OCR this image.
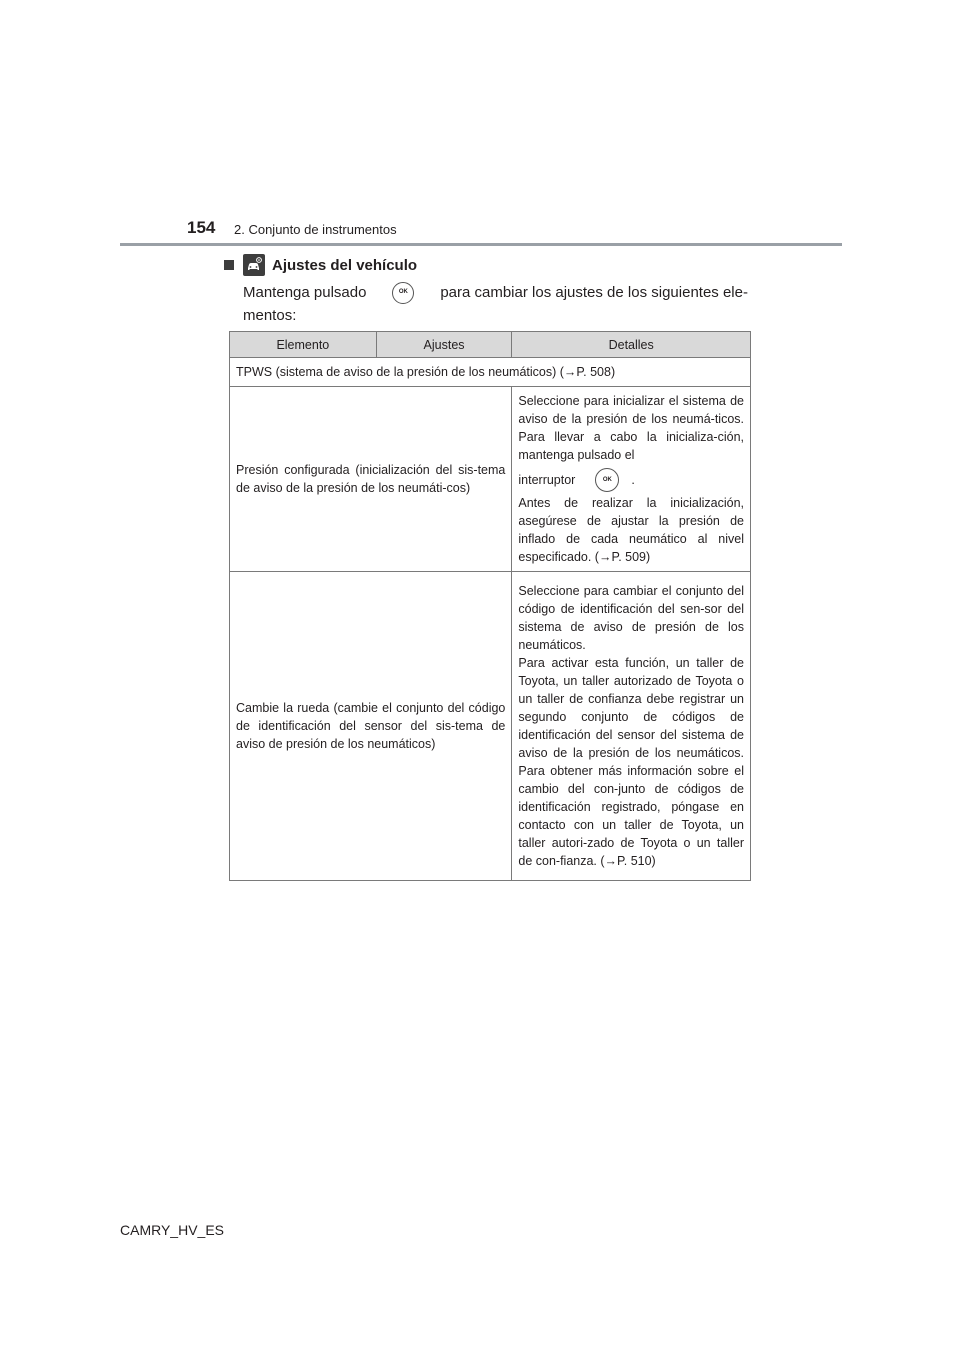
154 2. Conjunto de instrumentos
Ajustes del vehículo
Mantenga pulsado	OK	para cambiar los ajustes de los siguientes ele-
mentos:
Elemento	Ajustes	Detalles
TPWS (sistema de aviso de la presión de los neumáticos) (→P. 508)		
Presión configurada (inicialización del sis-tema de aviso de la presión de los neumáti-cos)		Seleccione para inicializar el sistema de aviso de la presión de los neumá-ticos. Para llevar a cabo la inicializa-ción, mantenga pulsado el
interruptor OK .
Antes de realizar la inicialización, asegúrese de ajustar la presión de inflado de cada neumático al nivel especificado. (→P. 509)

Cambie la rueda (cambie el conjunto del código de identificación del sensor del sis-tema de aviso de presión de los neumáticos)		Seleccione para cambiar el conjunto del código de identificación del sen-sor del sistema de aviso de presión de los neumáticos.
Para activar esta función, un taller de Toyota, un taller autorizado de Toyota o un taller de confianza debe registrar un segundo conjunto de códigos de identificación del sensor del sistema de aviso de la presión de los neumáticos. Para obtener más información sobre el cambio del con-junto de códigos de identificación registrado, póngase en contacto con un taller de Toyota, un taller autori-zado de Toyota o un taller de con-fianza. (→P. 510)
CAMRY_HV_ES
